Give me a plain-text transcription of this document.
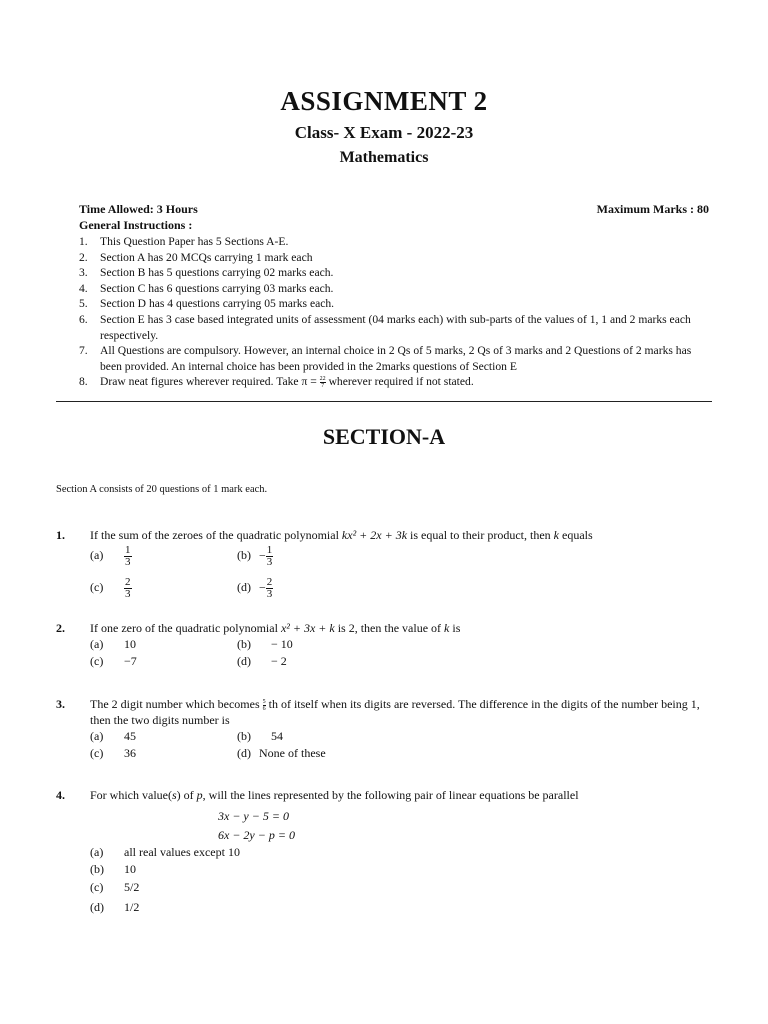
ASSIGNMENT 2
Class- X Exam - 2022-23
Mathematics
Time Allowed: 3 Hours	Maximum Marks : 80
General Instructions :
1. This Question Paper has 5 Sections A-E.
2. Section A has 20 MCQs carrying 1 mark each
3. Section B has 5 questions carrying 02 marks each.
4. Section C has 6 questions carrying 03 marks each.
5. Section D has 4 questions carrying 05 marks each.
6. Section E has 3 case based integrated units of assessment (04 marks each) with sub-parts of the values of 1, 1 and 2 marks each respectively.
7. All Questions are compulsory. However, an internal choice in 2 Qs of 5 marks, 2 Qs of 3 marks and 2 Questions of 2 marks has been provided. An internal choice has been provided in the 2marks questions of Section E
8. Draw neat figures wherever required. Take $\pi = \frac{22}{7}$ wherever required if not stated.
SECTION-A
Section A consists of 20 questions of 1 mark each.
1. If the sum of the zeroes of the quadratic polynomial kx² + 2x + 3k is equal to their product, then k equals
$(a) \frac{1}{3}$	$(b) - \frac{1}{3}$
$(c) \frac{2}{3}$	$(d) - \frac{2}{3}$
2. If one zero of the quadratic polynomial x² + 3x + k is 2, then the value of k is
(a) 10	(b) − 10
(c) −7	(d) − 2
3. The 2 digit number which becomes $\frac{5}{6}$ th of itself when its digits are reversed. The difference in the digits of the number being 1, then the two digits number is
(a) 45	(b) 54
(c) 36	(d) None of these
4. For which value(s) of p, will the lines represented by the following pair of linear equations be parallel
3x − y − 5 = 0
6x − 2y − p = 0
(a) all real values except 10
(b) 10
(c) 5/2
(d) 1/2
